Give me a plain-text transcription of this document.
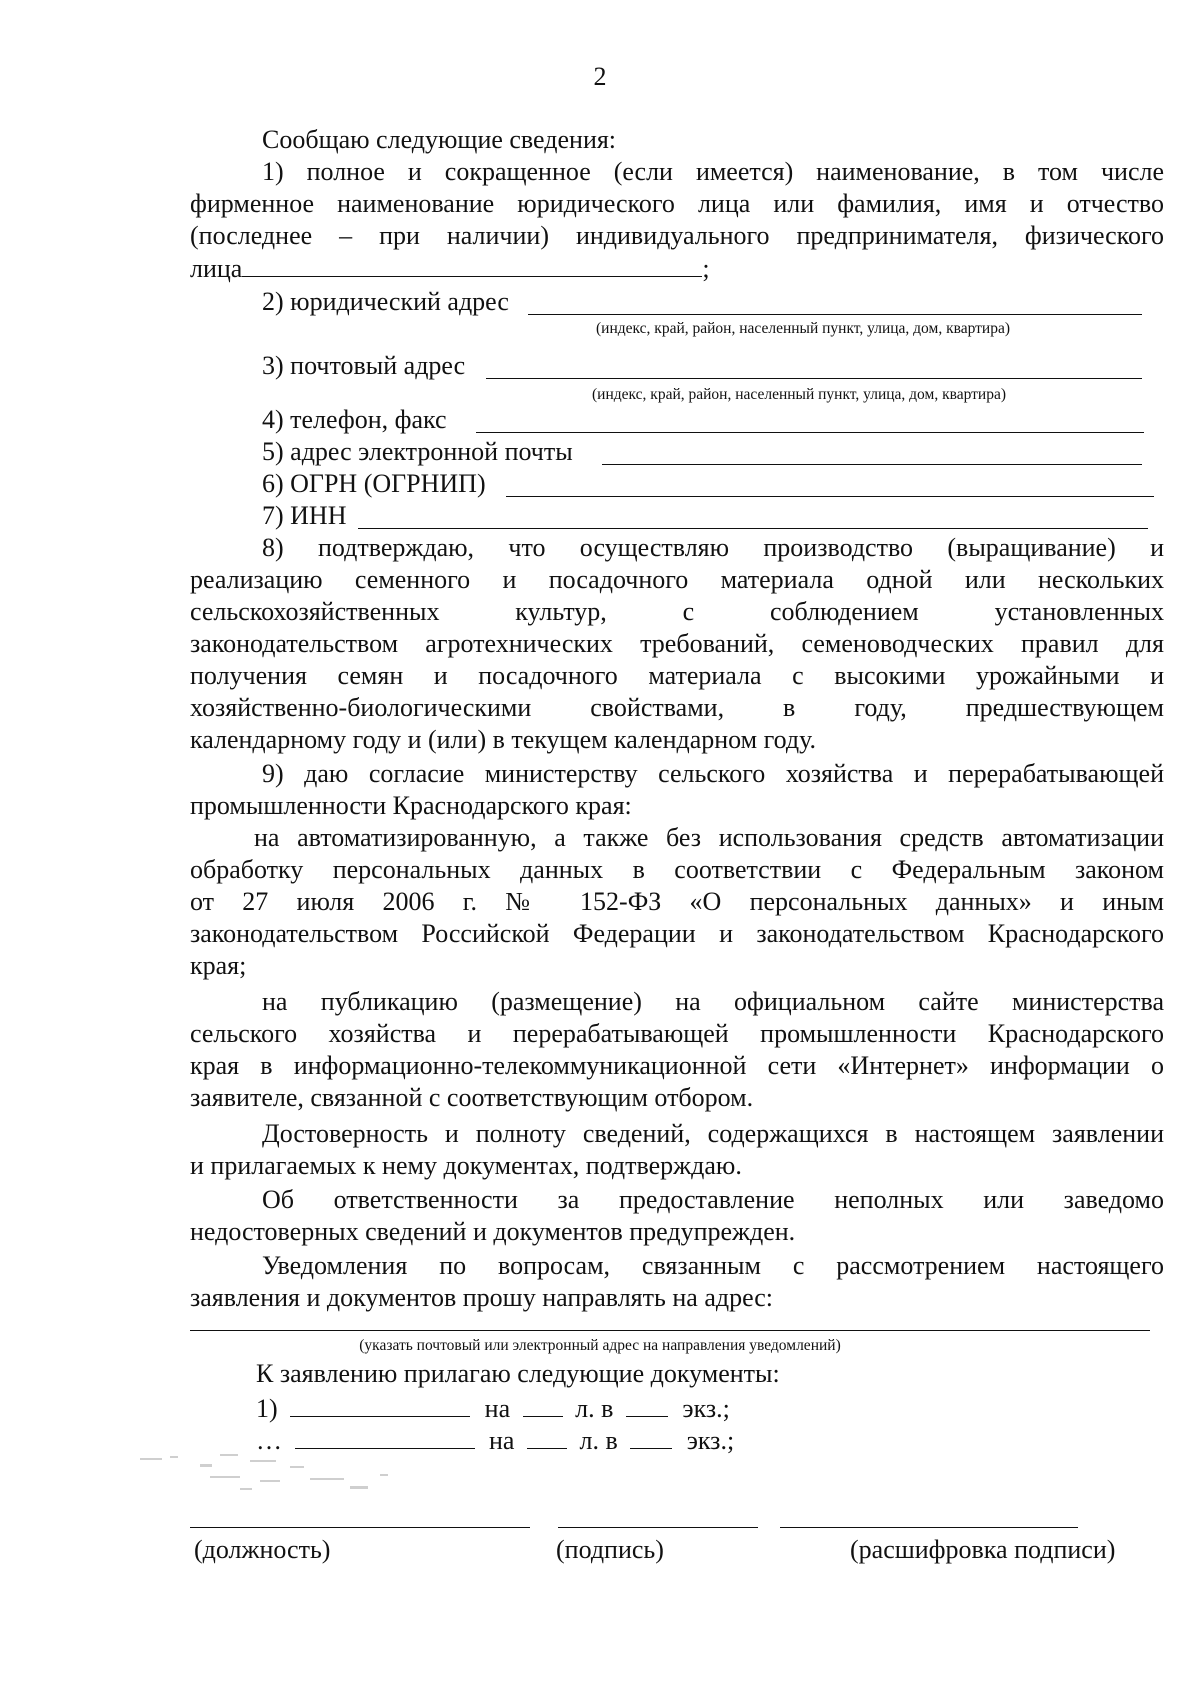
2
Сообщаю следующие сведения:
1) полное и сокращенное (если имеется) наименование, в том числе
фирменное наименование юридического лица или фамилия, имя и отчество
(последнее – при наличии) индивидуального предпринимателя, физического
лица	;
2) юридический адрес
(индекс, край, район, населенный пункт, улица, дом, квартира)
3) почтовый адрес
(индекс, край, район, населенный пункт, улица, дом, квартира)
4) телефон, факс
5) адрес электронной почты
6) ОГРН (ОГРНИП)
7) ИНН
8) подтверждаю, что осуществляю производство (выращивание) и
реализацию семенного и посадочного материала одной или нескольких
сельскохозяйственных культур, с соблюдением установленных
законодательством агротехнических требований, семеноводческих правил для
получения семян и посадочного материала с высокими урожайными и
хозяйственно-биологическими свойствами, в году, предшествующем
календарному году и (или) в текущем календарном году.
9) даю согласие министерству сельского хозяйства и перерабатывающей
промышленности Краснодарского края:
на автоматизированную, а также без использования средств автоматизации
обработку персональных данных в соответствии с Федеральным законом
от 27 июля 2006 г. № 152-ФЗ «О персональных данных» и иным
законодательством Российской Федерации и законодательством Краснодарского
края;
на публикацию (размещение) на официальном сайте министерства
сельского хозяйства и перерабатывающей промышленности Краснодарского
края в информационно-телекоммуникационной сети «Интернет» информации о
заявителе, связанной с соответствующим отбором.
Достоверность и полноту сведений, содержащихся в настоящем заявлении
и прилагаемых к нему документах, подтверждаю.
Об ответственности за предоставление неполных или заведомо
недостоверных сведений и документов предупрежден.
Уведомления по вопросам, связанным с рассмотрением настоящего
заявления и документов прошу направлять на адрес:
(указать почтовый или электронный адрес на направления уведомлений)
К заявлению прилагаю следующие документы:
1)	на	л. в	экз.;
…	на	л. в	экз.;
(должность)	(подпись)	(расшифровка подписи)
